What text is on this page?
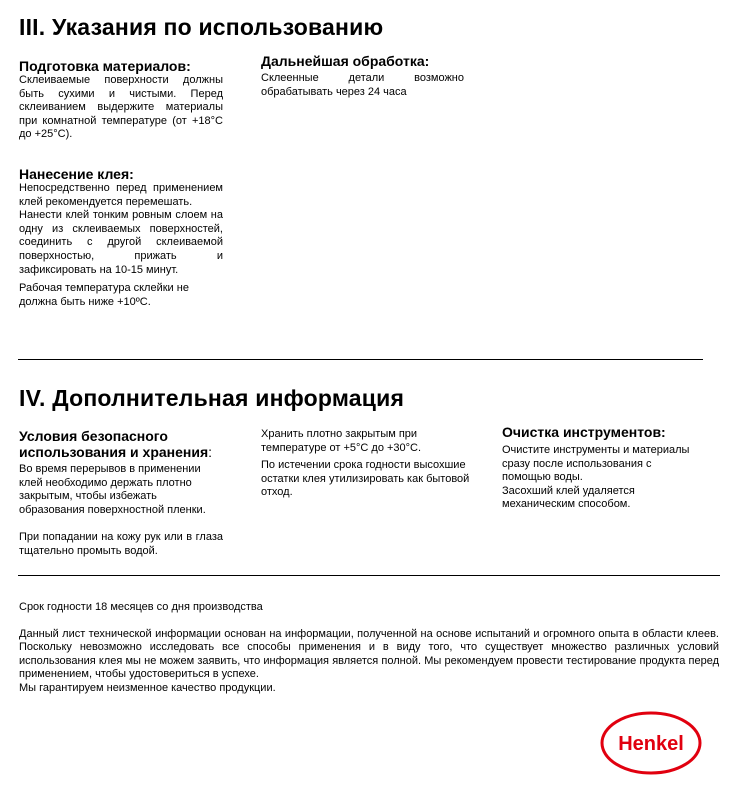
III. Указания по использованию
Подготовка материалов:

Склеиваемые поверхности должны быть сухими и чистыми. Перед склеиванием выдержите материалы при комнатной температуре (от +18°C до +25°C).

Нанесение клея:

Непосредственно перед применением клей рекомендуется перемешать.

Нанести клей тонким ровным слоем на одну из склеиваемых поверхностей, соединить с другой склеиваемой поверхностью, прижать и зафиксировать на 10-15 минут.

Рабочая температура склейки не должна быть ниже +10ºС.

Дальнейшая обработка:

Склеенные детали возможно обрабатывать через 24 часа

IV. Дополнительная информация
Условия безопасного
использования и хранения:

Во время перерывов в применении клей необходимо держать плотно закрытым, чтобы избежать образования поверхностной пленки.

При попадании на кожу рук или в глаза тщательно промыть водой.

Хранить плотно закрытым при температуре от +5°C до +30°C.

По истечении срока годности высохшие остатки клея утилизировать как бытовой отход.

Очистка инструментов:

Очистите инструменты и материалы сразу после использования с помощью воды.

Засохший клей удаляется механическим способом.

Срок годности 18 месяцев со дня производства

Данный лист технической информации основан на информации, полученной на основе испытаний и огромного опыта в области клеев. Поскольку невозможно исследовать все способы применения и в виду того, что существует множество различных условий использования клея мы не можем заявить, что информация является полной. Мы рекомендуем провести тестирование продукта перед применением, чтобы удостовериться в успехе.

Мы гарантируем неизменное качество продукции.

Henkel
